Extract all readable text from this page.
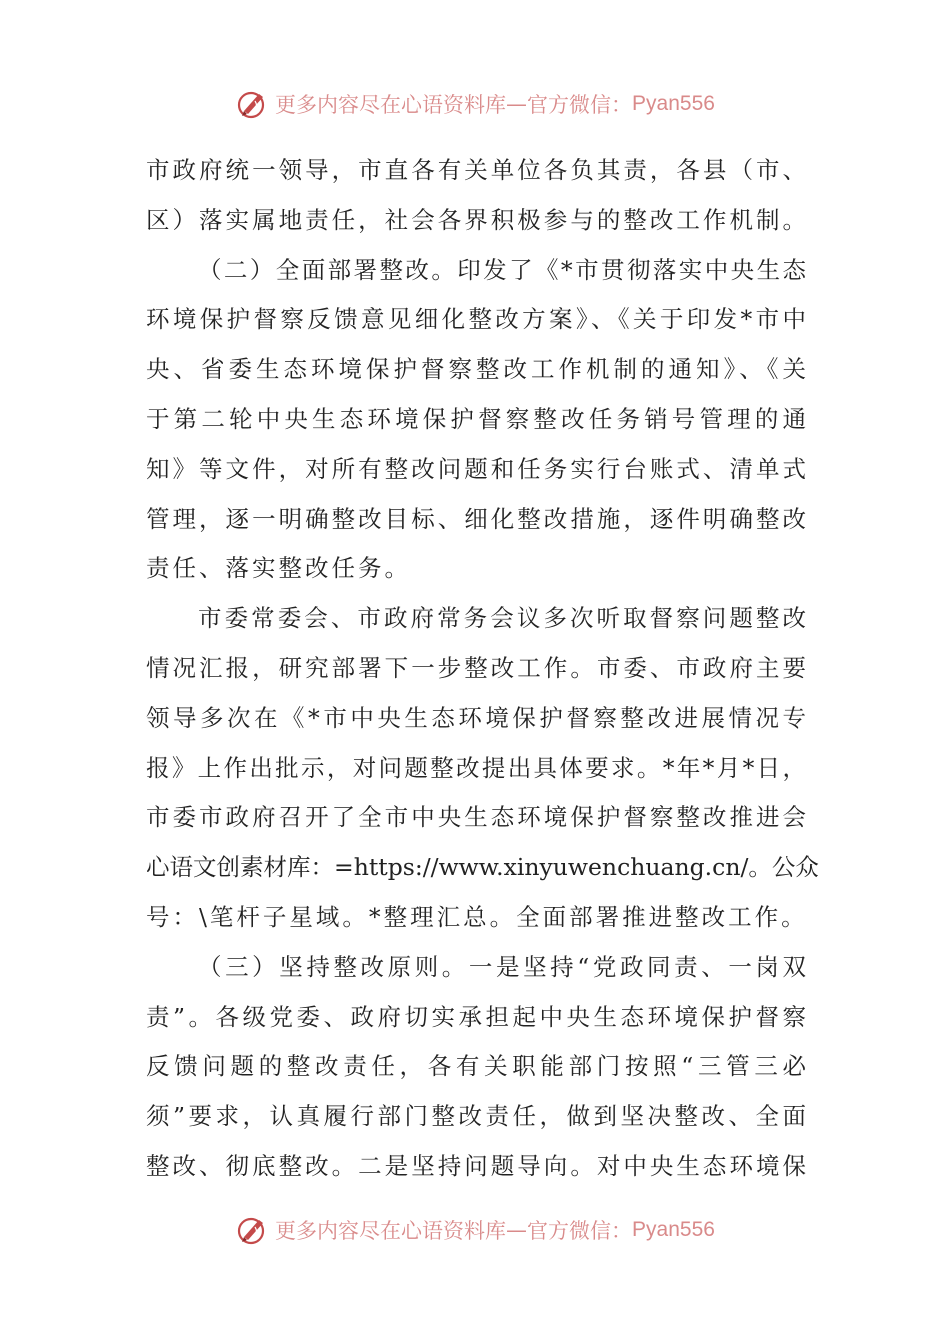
更多内容尽在心语资料库 — 官方微信： Pyan556
市政府统一领导，市直各有关单位各负其责，各县（市、
区）落实属地责任，社会各界积极参与的整改工作机制。
（二）全面部署整改。印发了《*市贯彻落实中央生态
环境保护督察反馈意见细化整改方案》、《关于印发*市中
央、省委生态环境保护督察整改工作机制的通知》、《关
于第二轮中央生态环境保护督察整改任务销号管理的通
知》等文件，对所有整改问题和任务实行台账式、清单式
管理，逐一明确整改目标、细化整改措施，逐件明确整改
责任、落实整改任务。
市委常委会、市政府常务会议多次听取督察问题整改
情况汇报，研究部署下一步整改工作。市委、市政府主要
领导多次在《*市中央生态环境保护督察整改进展情况专
报》上作出批示，对问题整改提出具体要求。*年*月*日，
市委市政府召开了全市中央生态环境保护督察整改推进会
心语文创素材库：=https://www.xinyuwenchuang.cn/。公众
号：\笔杆子星域。*整理汇总。全面部署推进整改工作。
（三）坚持整改原则。一是坚持“党政同责、一岗双
责”。各级党委、政府切实承担起中央生态环境保护督察
反馈问题的整改责任，各有关职能部门按照“三管三必
须”要求，认真履行部门整改责任，做到坚决整改、全面
整改、彻底整改。二是坚持问题导向。对中央生态环境保
更多内容尽在心语资料库 — 官方微信： Pyan556
